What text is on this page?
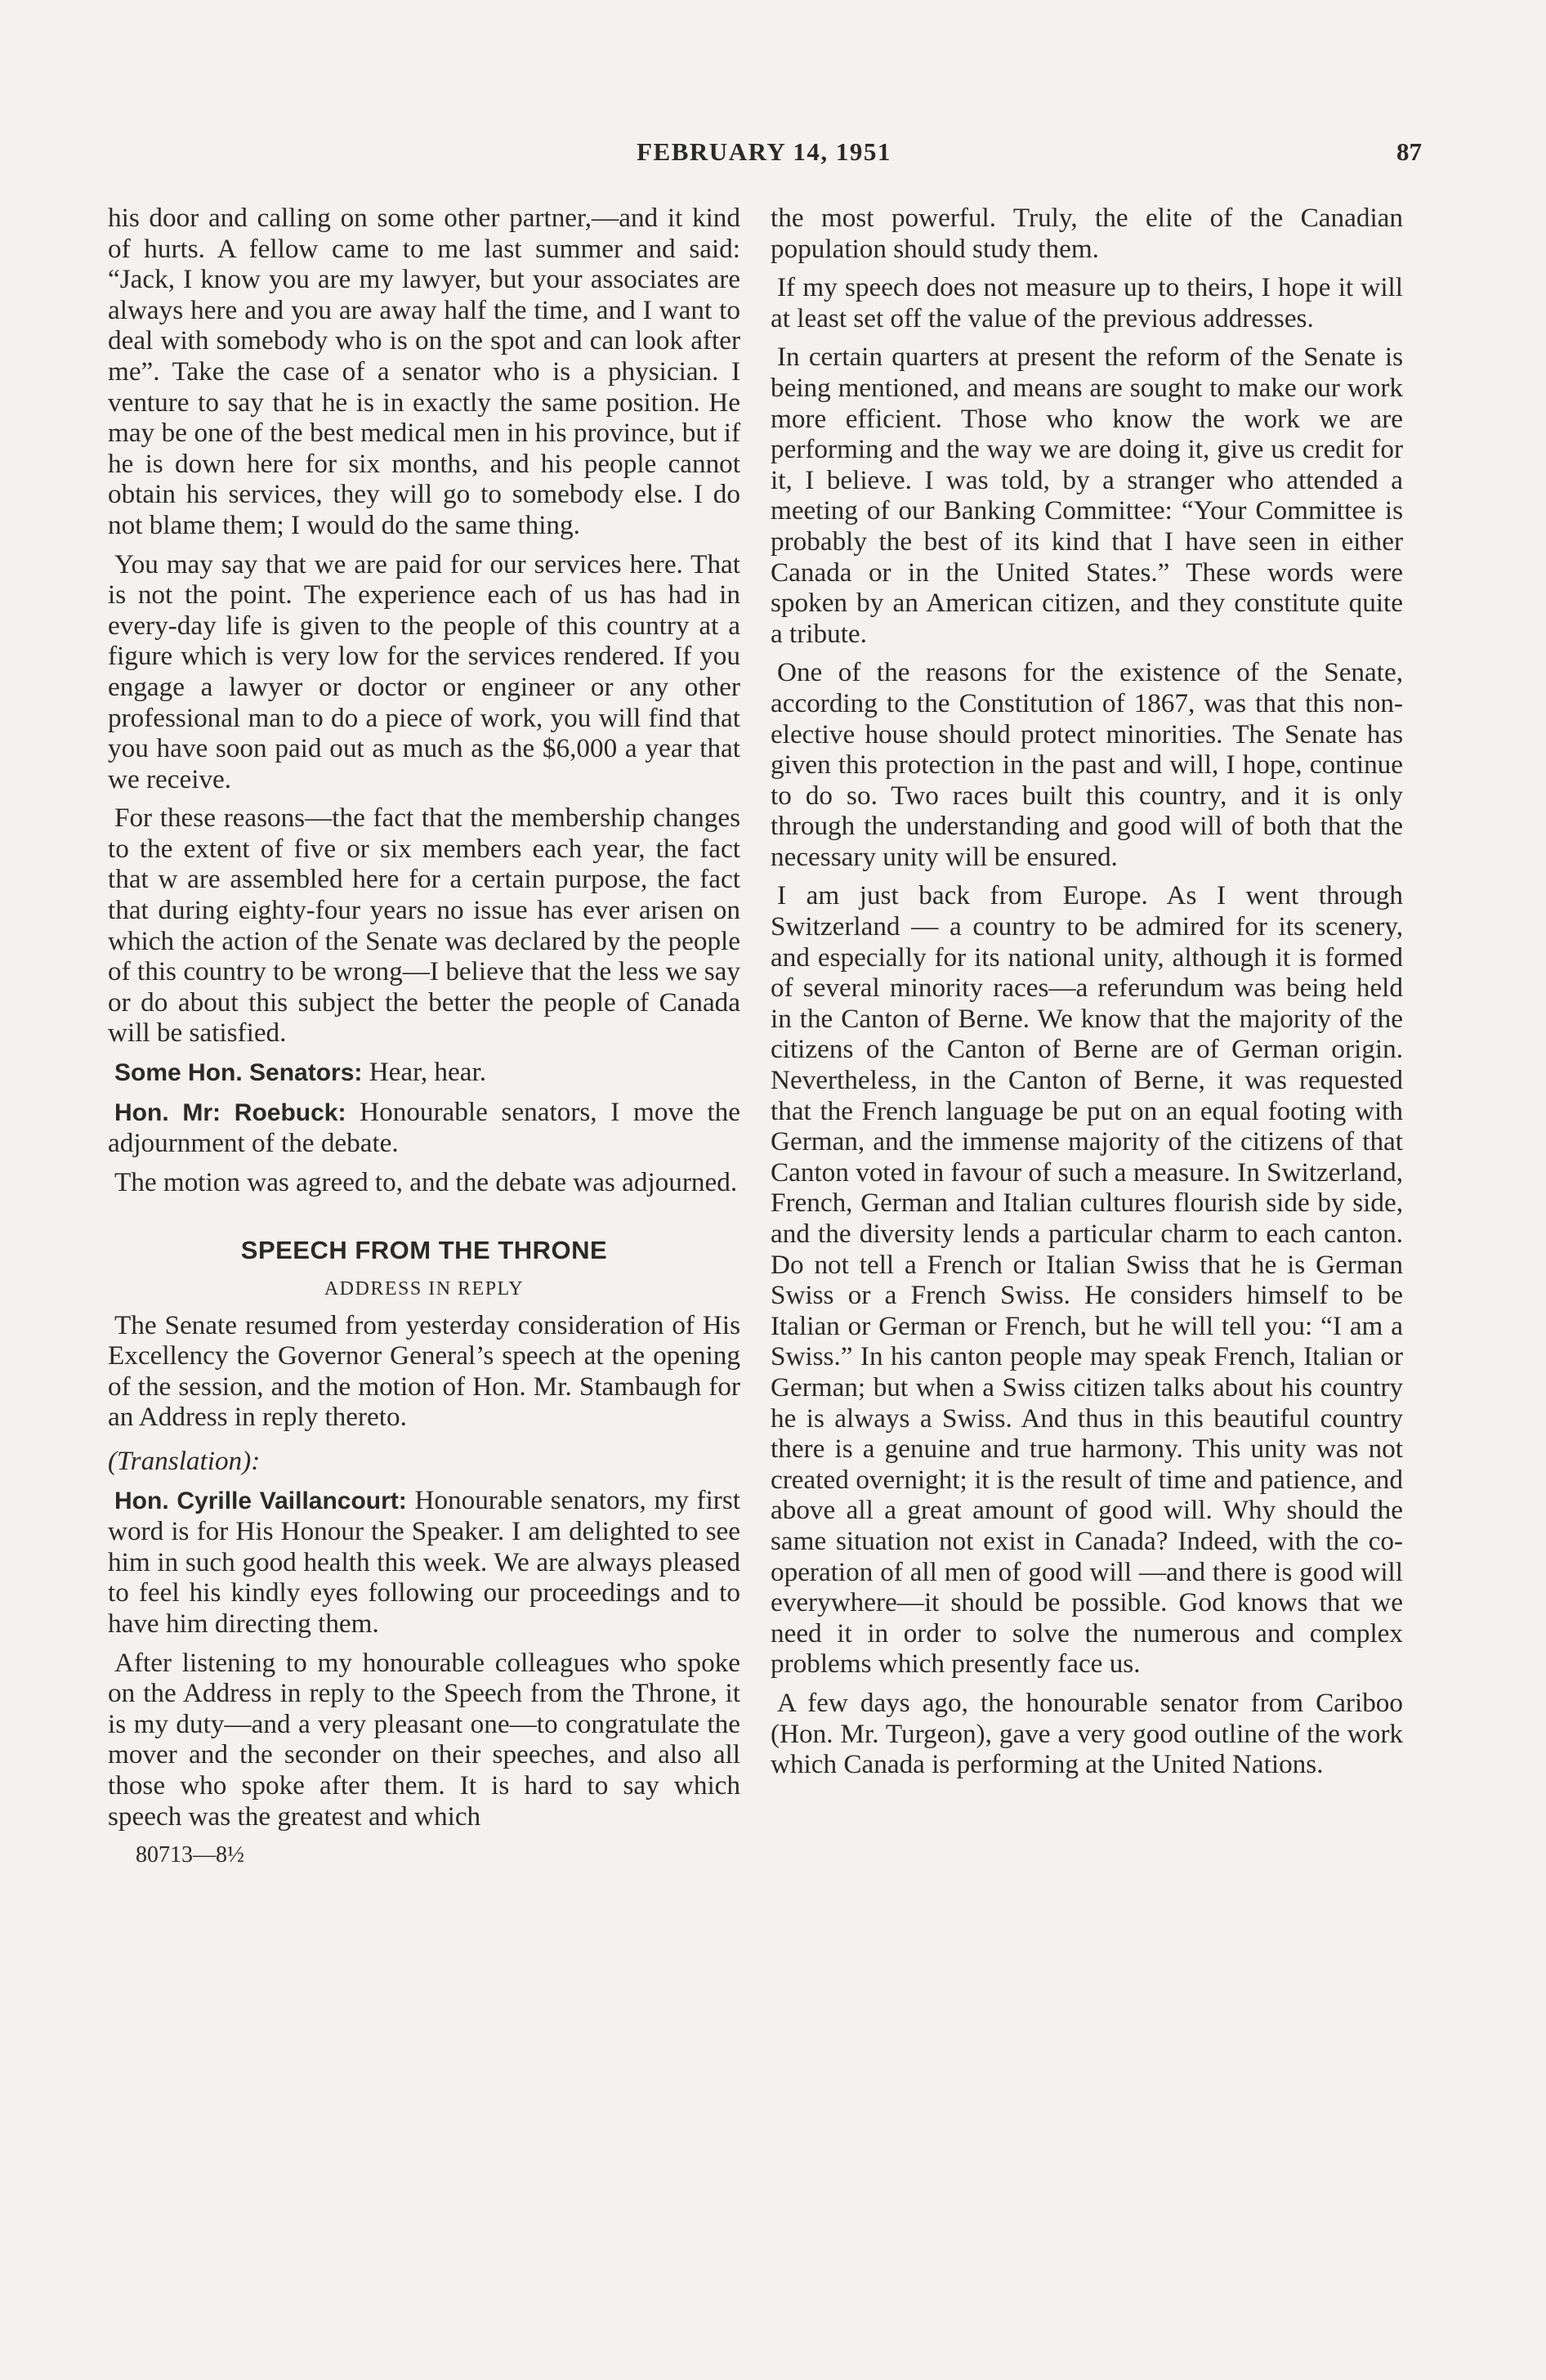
FEBRUARY 14, 1951	87

his door and calling on some other partner,—and it kind of hurts. A fellow came to me last summer and said: “Jack, I know you are my lawyer, but your associates are always here and you are away half the time, and I want to deal with somebody who is on the spot and can look after me”. Take the case of a senator who is a physician. I venture to say that he is in exactly the same position. He may be one of the best medical men in his province, but if he is down here for six months, and his people cannot obtain his services, they will go to somebody else. I do not blame them; I would do the same thing.

You may say that we are paid for our services here. That is not the point. The experience each of us has had in every-day life is given to the people of this country at a figure which is very low for the services rendered. If you engage a lawyer or doctor or engineer or any other professional man to do a piece of work, you will find that you have soon paid out as much as the $6,000 a year that we receive.

For these reasons—the fact that the membership changes to the extent of five or six members each year, the fact that w are assembled here for a certain purpose, the fact that during eighty-four years no issue has ever arisen on which the action of the Senate was declared by the people of this country to be wrong—I believe that the less we say or do about this subject the better the people of Canada will be satisfied.

Some Hon. Senators: Hear, hear.

Hon. Mr: Roebuck: Honourable senators, I move the adjournment of the debate.

The motion was agreed to, and the debate was adjourned.

SPEECH FROM THE THRONE
ADDRESS IN REPLY

The Senate resumed from yesterday consideration of His Excellency the Governor General’s speech at the opening of the session, and the motion of Hon. Mr. Stambaugh for an Address in reply thereto.

(Translation):

Hon. Cyrille Vaillancourt: Honourable senators, my first word is for His Honour the Speaker. I am delighted to see him in such good health this week. We are always pleased to feel his kindly eyes following our proceedings and to have him directing them.

After listening to my honourable colleagues who spoke on the Address in reply to the Speech from the Throne, it is my duty—and a very pleasant one—to congratulate the mover and the seconder on their speeches, and also all those who spoke after them. It is hard to say which speech was the greatest and which

80713—8½

the most powerful. Truly, the elite of the Canadian population should study them.

If my speech does not measure up to theirs, I hope it will at least set off the value of the previous addresses.

In certain quarters at present the reform of the Senate is being mentioned, and means are sought to make our work more efficient. Those who know the work we are performing and the way we are doing it, give us credit for it, I believe. I was told, by a stranger who attended a meeting of our Banking Committee: “Your Committee is probably the best of its kind that I have seen in either Canada or in the United States.” These words were spoken by an American citizen, and they constitute quite a tribute.

One of the reasons for the existence of the Senate, according to the Constitution of 1867, was that this non-elective house should protect minorities. The Senate has given this protection in the past and will, I hope, continue to do so. Two races built this country, and it is only through the understanding and good will of both that the necessary unity will be ensured.

I am just back from Europe. As I went through Switzerland — a country to be admired for its scenery, and especially for its national unity, although it is formed of several minority races—a referundum was being held in the Canton of Berne. We know that the majority of the citizens of the Canton of Berne are of German origin. Nevertheless, in the Canton of Berne, it was requested that the French language be put on an equal footing with German, and the immense majority of the citizens of that Canton voted in favour of such a measure. In Switzerland, French, German and Italian cultures flourish side by side, and the diversity lends a particular charm to each canton. Do not tell a French or Italian Swiss that he is German Swiss or a French Swiss. He considers himself to be Italian or German or French, but he will tell you: “I am a Swiss.” In his canton people may speak French, Italian or German; but when a Swiss citizen talks about his country he is always a Swiss. And thus in this beautiful country there is a genuine and true harmony. This unity was not created overnight; it is the result of time and patience, and above all a great amount of good will. Why should the same situation not exist in Canada? Indeed, with the co-operation of all men of good will —and there is good will everywhere—it should be possible. God knows that we need it in order to solve the numerous and complex problems which presently face us.

A few days ago, the honourable senator from Cariboo (Hon. Mr. Turgeon), gave a very good outline of the work which Canada is performing at the United Nations.
